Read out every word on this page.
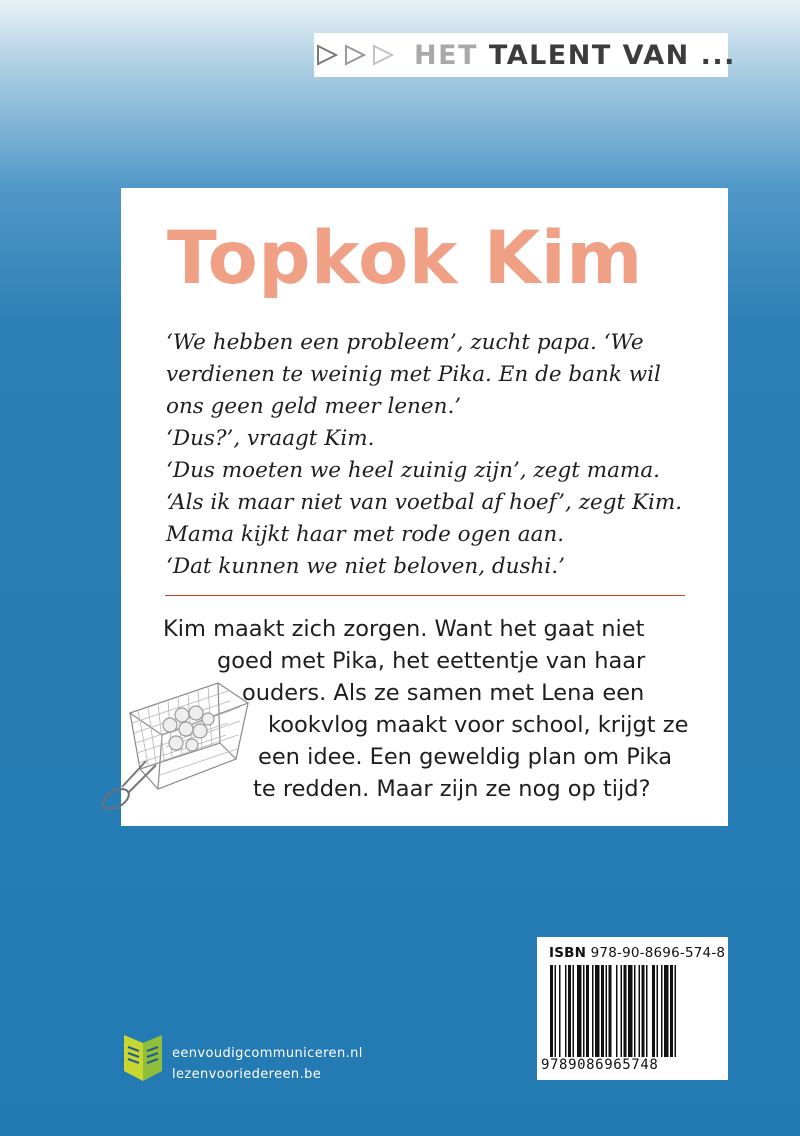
HET TALENT VAN ...
Topkok Kim
‘We hebben een probleem’, zucht papa. ‘We
verdienen te weinig met Pika. En de bank wil
ons geen geld meer lenen.’
‘Dus?’, vraagt Kim.
‘Dus moeten we heel zuinig zijn’, zegt mama.
‘Als ik maar niet van voetbal af hoef’, zegt Kim.
Mama kijkt haar met rode ogen aan.
‘Dat kunnen we niet beloven, dushi.’
Kim maakt zich zorgen. Want het gaat niet
goed met Pika, het eettentje van haar
ouders. Als ze samen met Lena een
kookvlog maakt voor school, krijgt ze
een idee. Een geweldig plan om Pika
te redden. Maar zijn ze nog op tijd?
ISBN 978-90-8696-574-8
9789086965748
eenvoudigcommuniceren.nl
lezenvooriedereen.be
